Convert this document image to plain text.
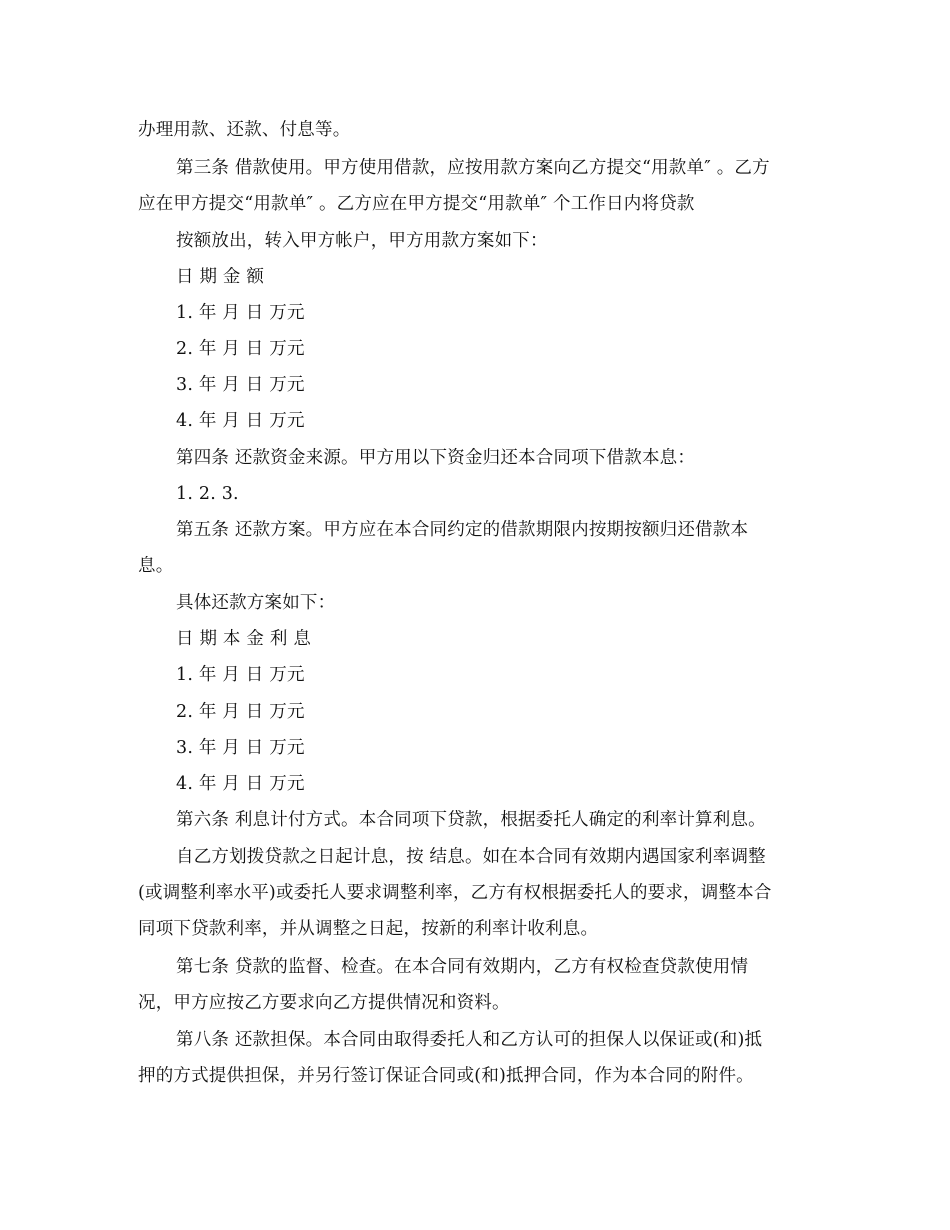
办理用款、还款、付息等。
第三条 借款使用。甲方使用借款，应按用款方案向乙方提交“用款单″ 。乙方
应在甲方提交“用款单″ 。乙方应在甲方提交“用款单″ 个工作日内将贷款
按额放出，转入甲方帐户，甲方用款方案如下：
日 期 金 额
1. 年 月 日 万元
2. 年 月 日 万元
3. 年 月 日 万元
4. 年 月 日 万元
第四条 还款资金来源。甲方用以下资金归还本合同项下借款本息：
1. 2. 3.
第五条 还款方案。甲方应在本合同约定的借款期限内按期按额归还借款本
息。
具体还款方案如下：
日 期 本 金 利 息
1. 年 月 日 万元
2. 年 月 日 万元
3. 年 月 日 万元
4. 年 月 日 万元
第六条 利息计付方式。本合同项下贷款，根据委托人确定的利率计算利息。
自乙方划拨贷款之日起计息，按 结息。如在本合同有效期内遇国家利率调整
(或调整利率水平)或委托人要求调整利率，乙方有权根据委托人的要求，调整本合
同项下贷款利率，并从调整之日起，按新的利率计收利息。
第七条 贷款的监督、检查。在本合同有效期内，乙方有权检查贷款使用情
况，甲方应按乙方要求向乙方提供情况和资料。
第八条 还款担保。本合同由取得委托人和乙方认可的担保人以保证或(和)抵
押的方式提供担保，并另行签订保证合同或(和)抵押合同，作为本合同的附件。
